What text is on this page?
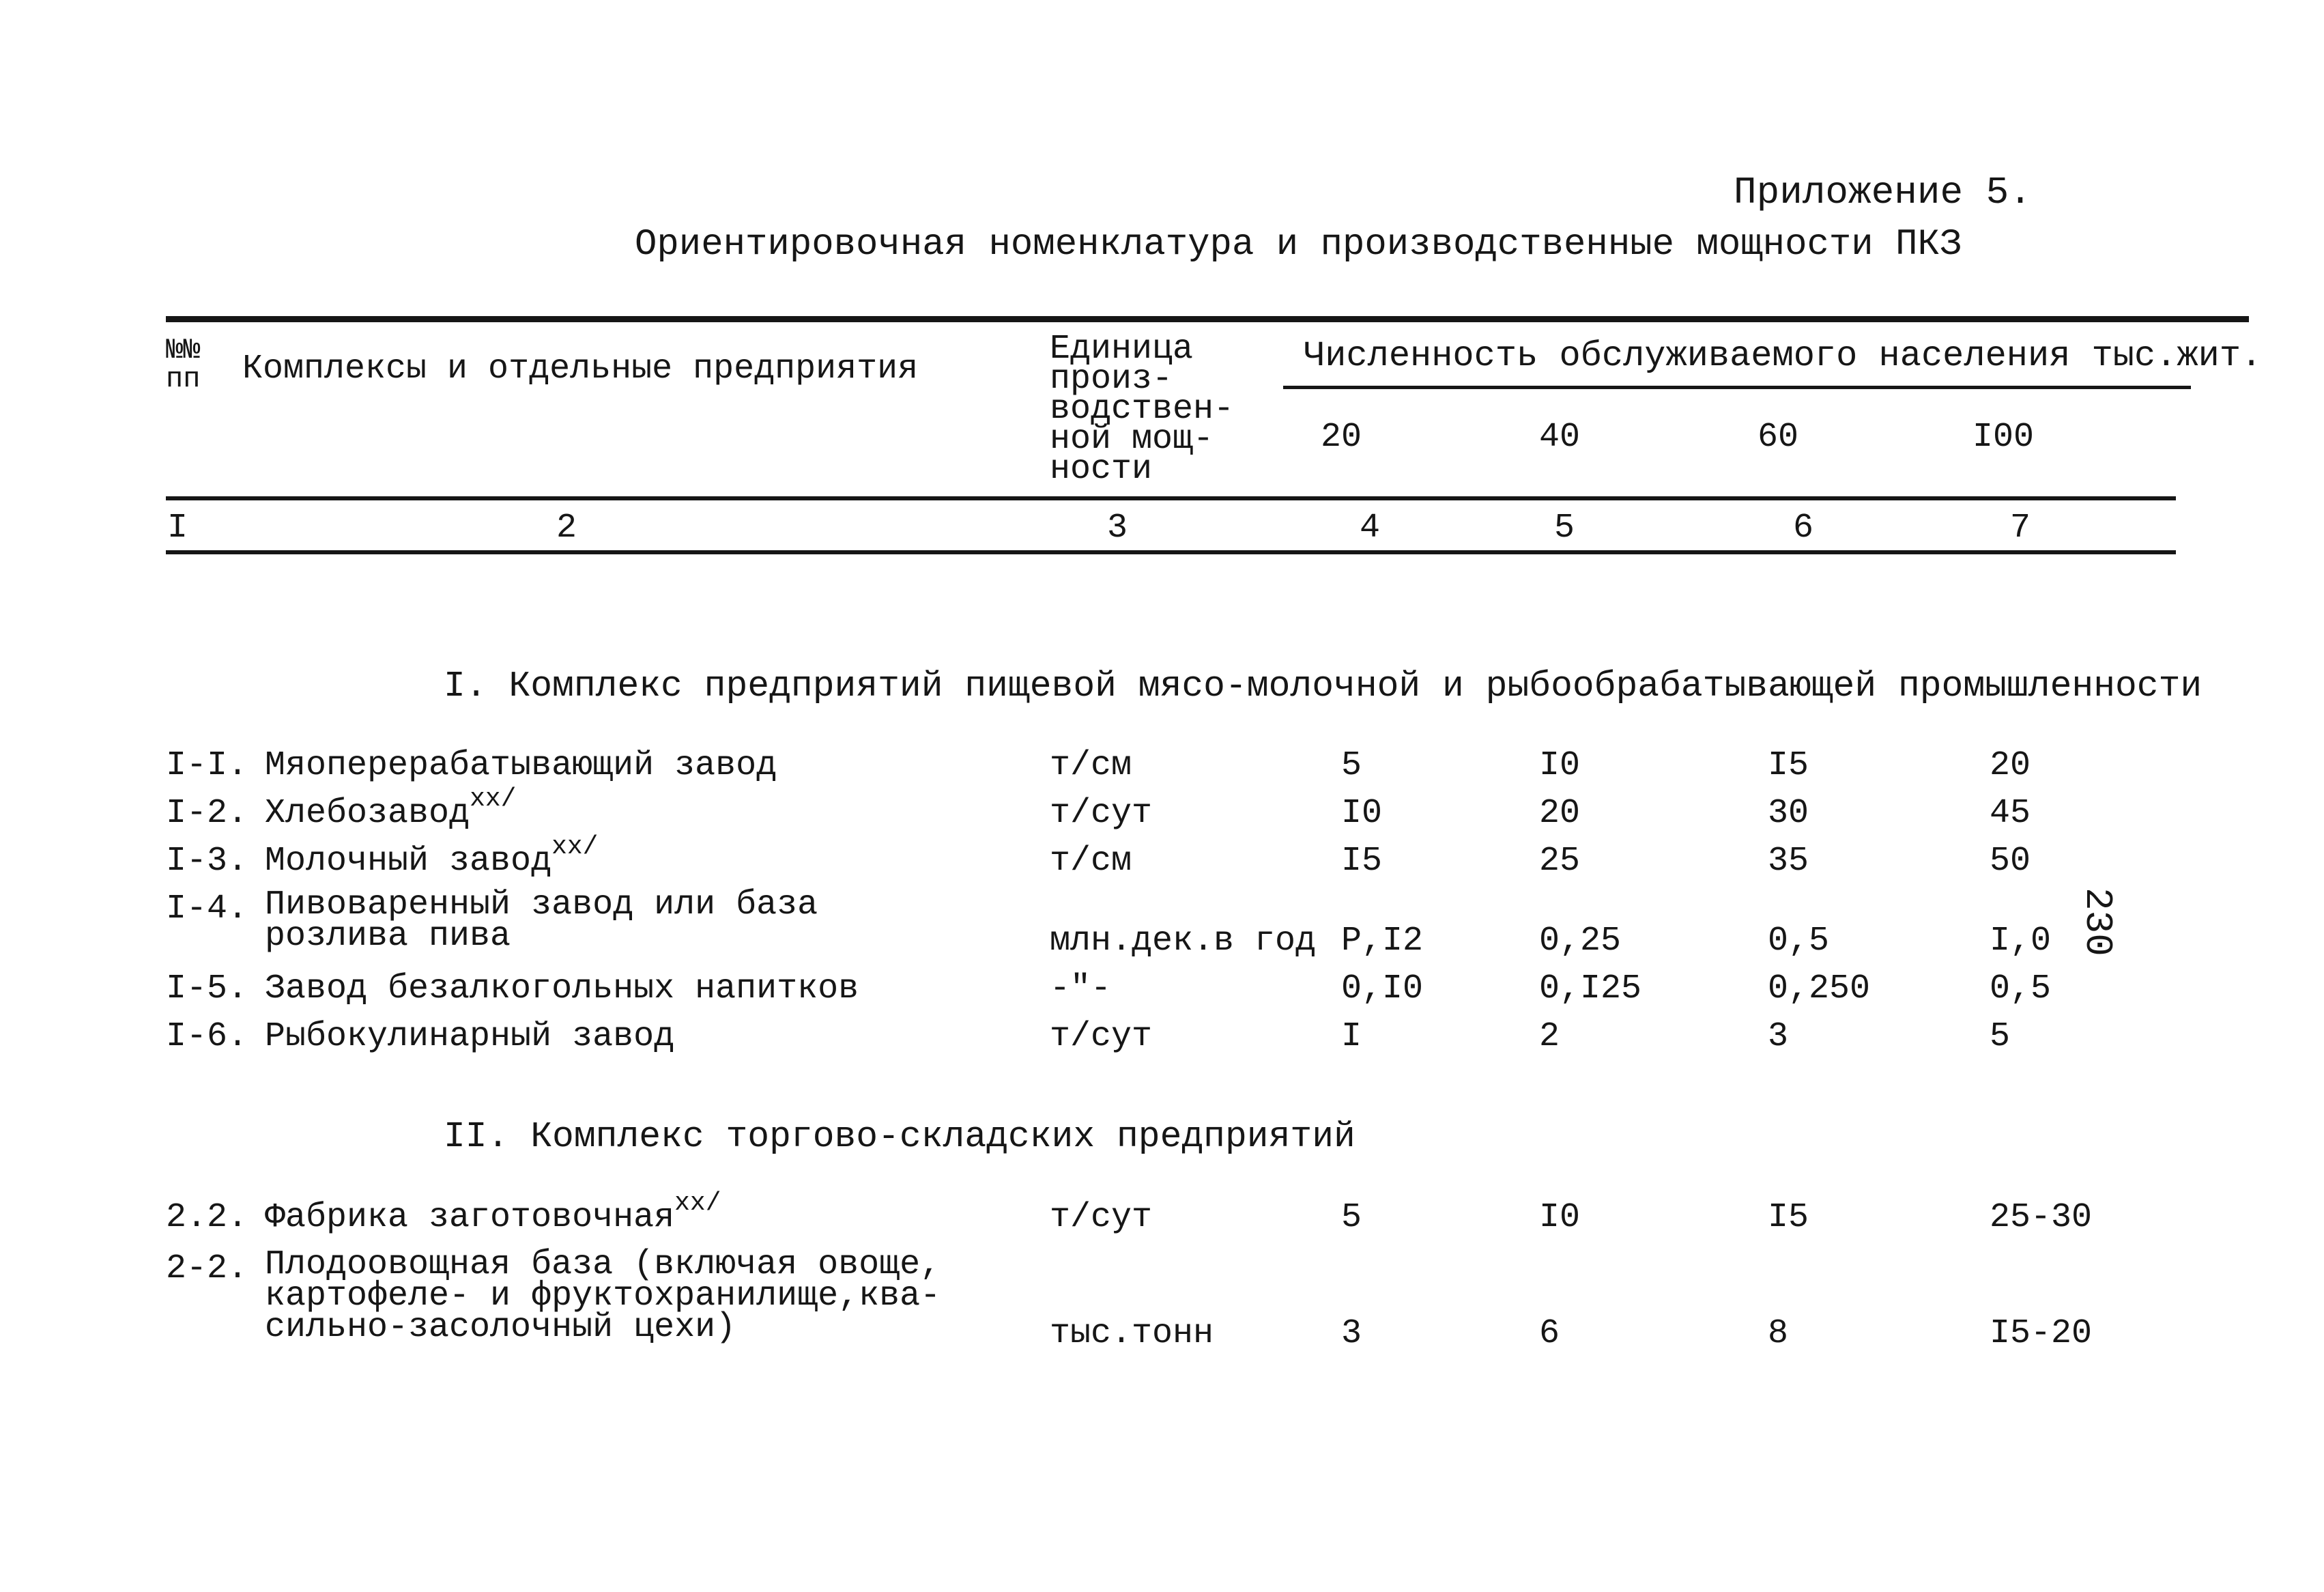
Приложение 5.
Ориентировочная номенклатура и производственные мощности ПКЗ
№№
пп Комплексы и отдельные предприятия
Единица
произ-
водствен-
ной мощ-
ности
Численность обслуживаемого населения тыс.жит.
20	40	60	I00
I	2	3	4	5	6	7
I. Комплекс предприятий пищевой мясо-молочной и рыбообрабатывающей промышленности
I-I. Мяоперерабатывающий завод	т/см	5	I0	I5	20
I-2. Хлебозавод$^{xx/}$	т/сут	I0	20	30	45
I-3. Молочный завод$^{xx/}$	т/см	I5	25	35	50
I-4. Пивоваренный завод или база
розлива пива	млн.дек.в год P,I2	0,25	0,5	I,0
I-5. Завод безалкогольных напитков	-"-	0,I0	0,I25	0,250	0,5
I-6. Рыбокулинарный завод	т/сут	I	2	3	5
II. Комплекс торгово-складских предприятий
2.2. Фабрика заготовочная$^{xx/}$	т/сут	5	I0	I5	25-30
2-2. Плодоовощная база (включая овоще,
картофеле- и фруктохранилище,ква-
сильно-засолочный цехи)	тыс.тонн	3	6	8	I5-20
230
